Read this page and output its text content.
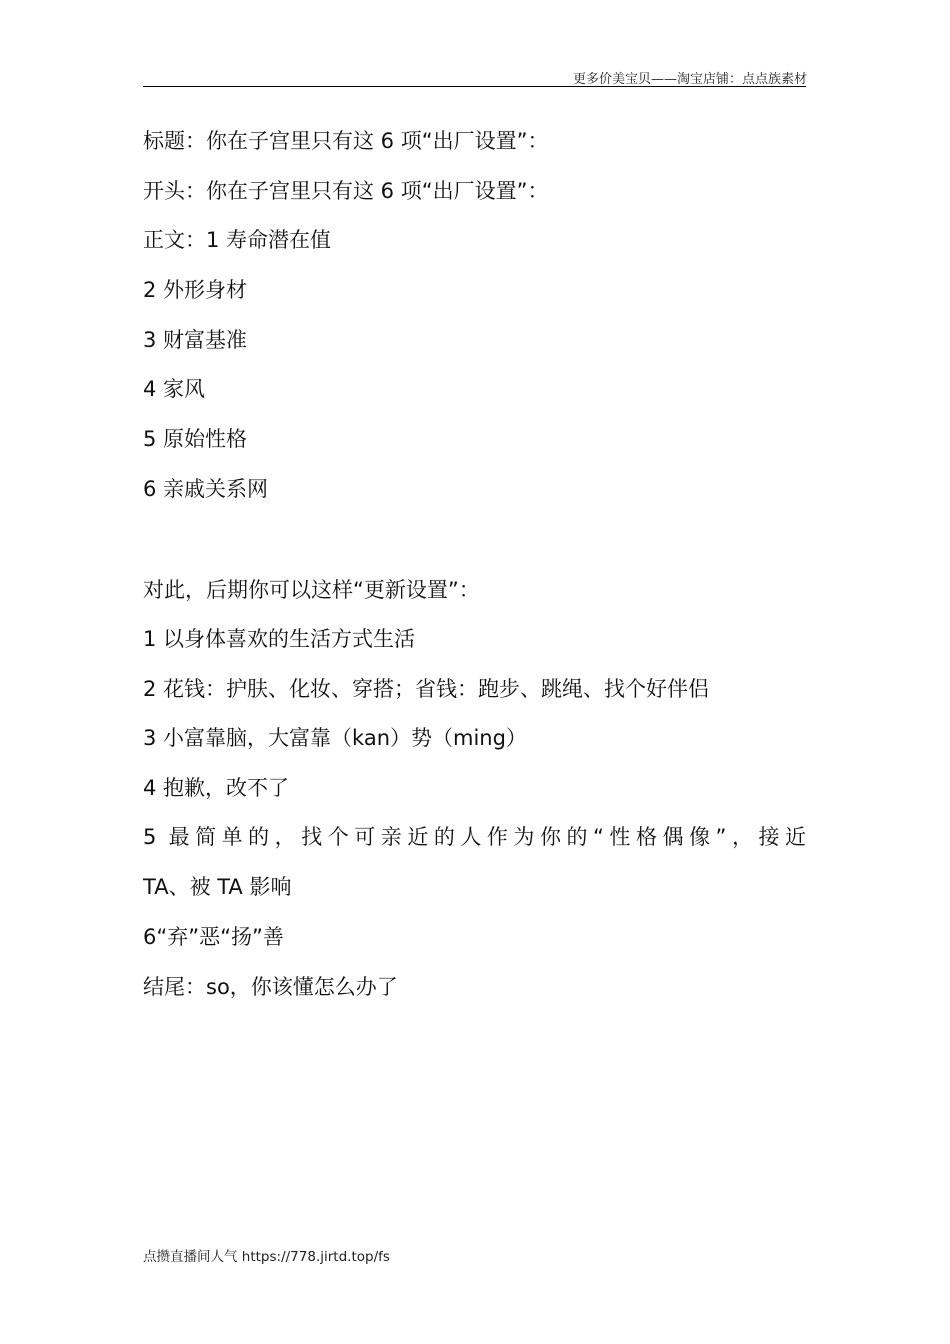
更多价美宝贝——淘宝店铺：点点族素材
标题：你在子宫里只有这 6 项“出厂设置”：
开头：你在子宫里只有这 6 项“出厂设置”：
正文：1 寿命潜在值
2 外形身材
3 财富基准
4 家风
5 原始性格
6 亲戚关系网
对此，后期你可以这样“更新设置”：
1 以身体喜欢的生活方式生活
2 花钱：护肤、化妆、穿搭；省钱：跑步、跳绳、找个好伴侣
3 小富靠脑，大富靠（kan）势（ming）
4 抱歉，改不了
5 最简单的，找个可亲近的人作为你的“性格偶像”，接近
TA、被 TA 影响
6“弃”恶“扬”善
结尾：so，你该懂怎么办了
点攒直播间人气 https://778.jirtd.top/fs
